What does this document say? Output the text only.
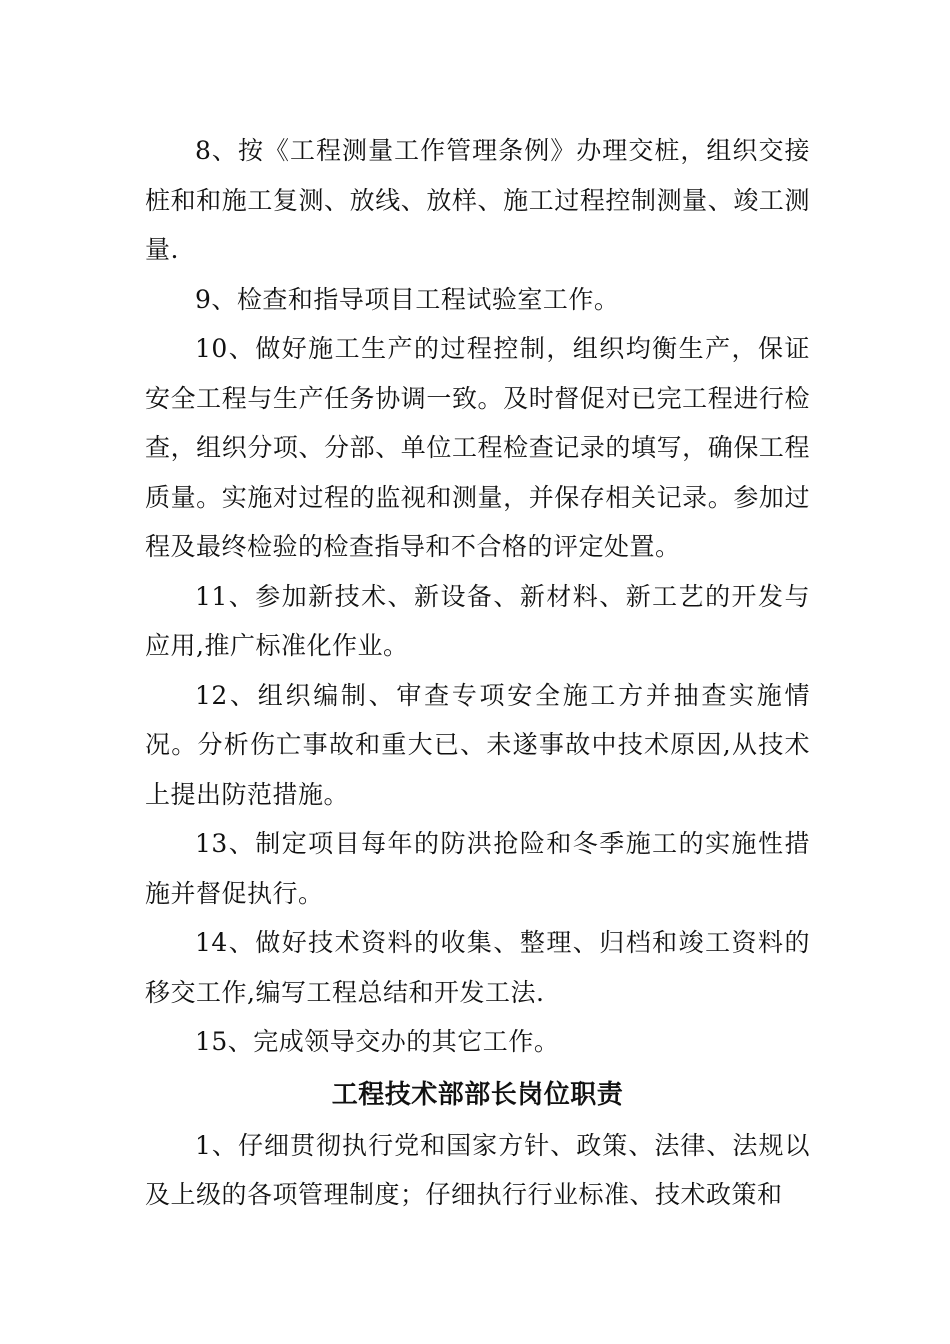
8、按《工程测量工作管理条例》办理交桩，组织交接桩和和施工复测、放线、放样、施工过程控制测量、竣工测量.

9、检查和指导项目工程试验室工作。

10、做好施工生产的过程控制，组织均衡生产，保证安全工程与生产任务协调一致。及时督促对已完工程进行检查，组织分项、分部、单位工程检查记录的填写，确保工程质量。实施对过程的监视和测量，并保存相关记录。参加过程及最终检验的检查指导和不合格的评定处置。

11、参加新技术、新设备、新材料、新工艺的开发与应用,推广标准化作业。

12、组织编制、审查专项安全施工方并抽查实施情况。分析伤亡事故和重大已、未遂事故中技术原因,从技术上提出防范措施。

13、制定项目每年的防洪抢险和冬季施工的实施性措施并督促执行。

14、做好技术资料的收集、整理、归档和竣工资料的移交工作,编写工程总结和开发工法.

15、完成领导交办的其它工作。

工程技术部部长岗位职责

1、仔细贯彻执行党和国家方针、政策、法律、法规以及上级的各项管理制度；仔细执行行业标准、技术政策和
